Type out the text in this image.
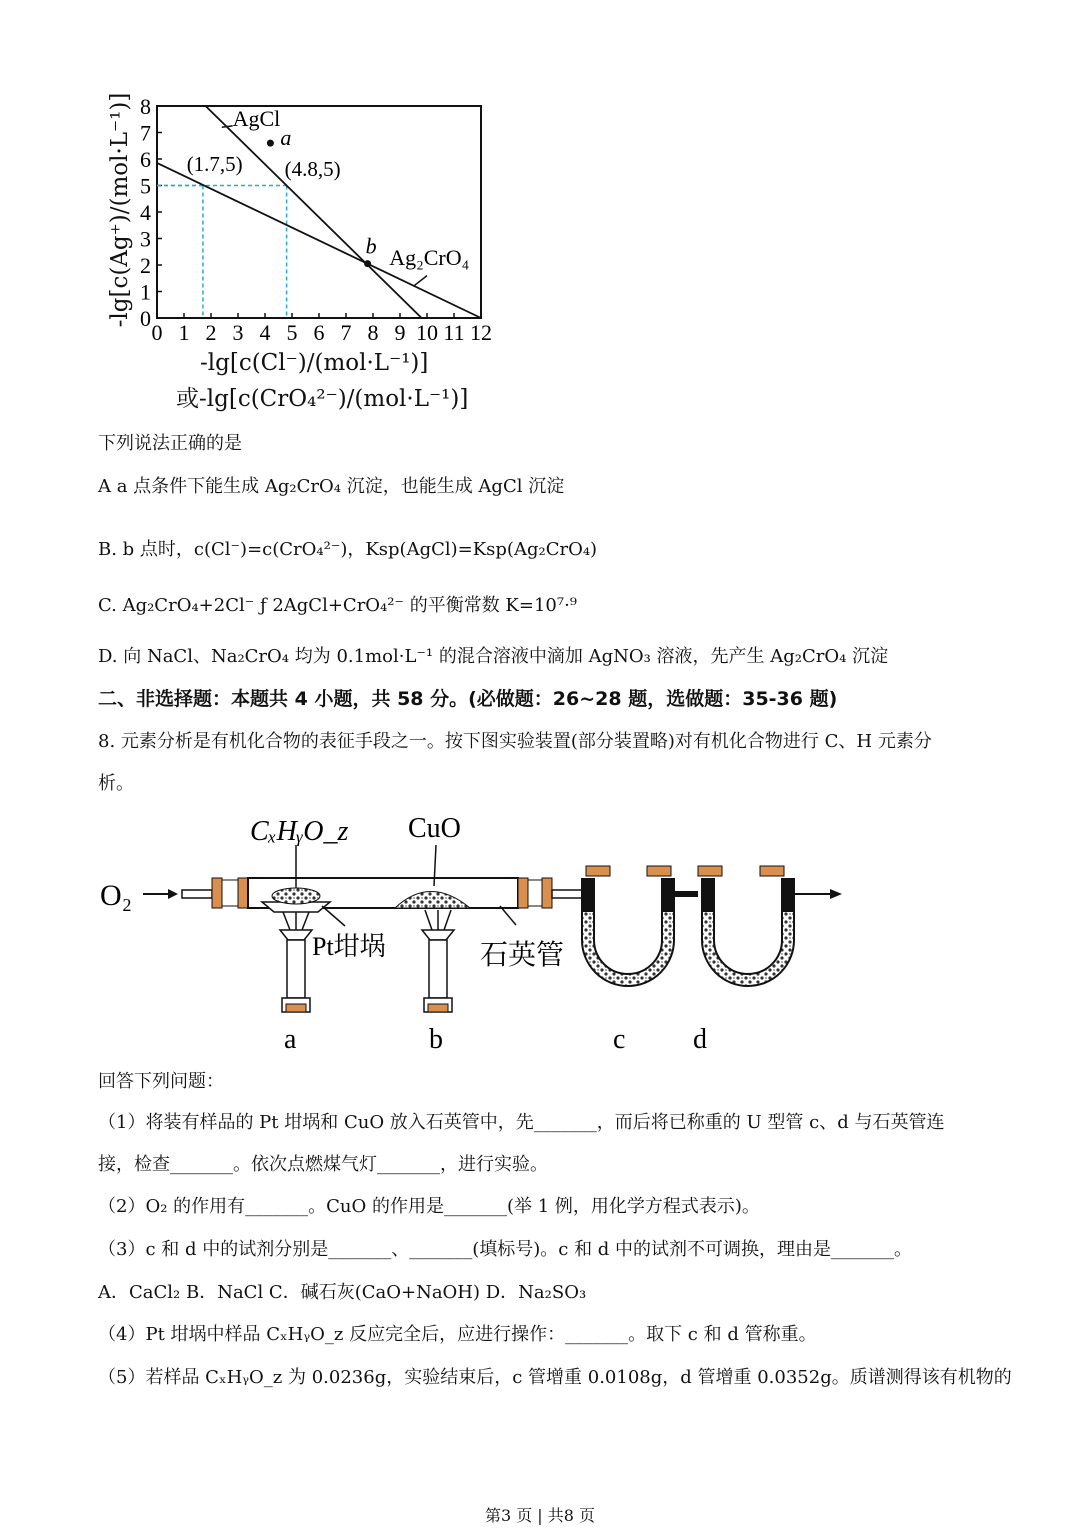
0 1 2 3 4 5 6 7 8 9 10 11 12
0
1
2
3
4
5
6
7
8	AgCl
Ag₂CrO₄
a
b
(1.7,5) (4.8,5)
-lg[c(Cl⁻)/(mol·L⁻¹)]
或-lg[c(CrO₄²⁻)/(mol·L⁻¹)]
-lg[c(Ag⁺)/(mol·L⁻¹)]
下列说法正确的是
A a 点条件下能生成 Ag₂CrO₄ 沉淀，也能生成 AgCl 沉淀
B. b 点时，c(Cl⁻)=c(CrO₄²⁻)，Ksp(AgCl)=Ksp(Ag₂CrO₄)
C. Ag₂CrO₄+2Cl⁻ ƒ 2AgCl+CrO₄²⁻ 的平衡常数 K=10⁷·⁹
D. 向 NaCl、Na₂CrO₄ 均为 0.1mol·L⁻¹ 的混合溶液中滴加 AgNO₃ 溶液，先产生 Ag₂CrO₄ 沉淀
二、非选择题：本题共 4 小题，共 58 分。(必做题：26~28 题，选做题：35-36 题)
8. 元素分析是有机化合物的表征手段之一。按下图实验装置(部分装置略)对有机化合物进行 C、H 元素分
析。
O₂
CₓHᵧO_z CuO
Pt坩埚	石英管
a	b	c d
回答下列问题：
（1）将装有样品的 Pt 坩埚和 CuO 放入石英管中，先_______，而后将已称重的 U 型管 c、d 与石英管连
接，检查_______。依次点燃煤气灯_______，进行实验。
（2）O₂ 的作用有_______。CuO 的作用是_______(举 1 例，用化学方程式表示)。
（3）c 和 d 中的试剂分别是_______、_______(填标号)。c 和 d 中的试剂不可调换，理由是_______。
A．CaCl₂ B．NaCl C．碱石灰(CaO+NaOH) D．Na₂SO₃
（4）Pt 坩埚中样品 CₓHᵧO_z 反应完全后，应进行操作：_______。取下 c 和 d 管称重。
（5）若样品 CₓHᵧO_z 为 0.0236g，实验结束后，c 管增重 0.0108g，d 管增重 0.0352g。质谱测得该有机物的
第3 页 | 共8 页
